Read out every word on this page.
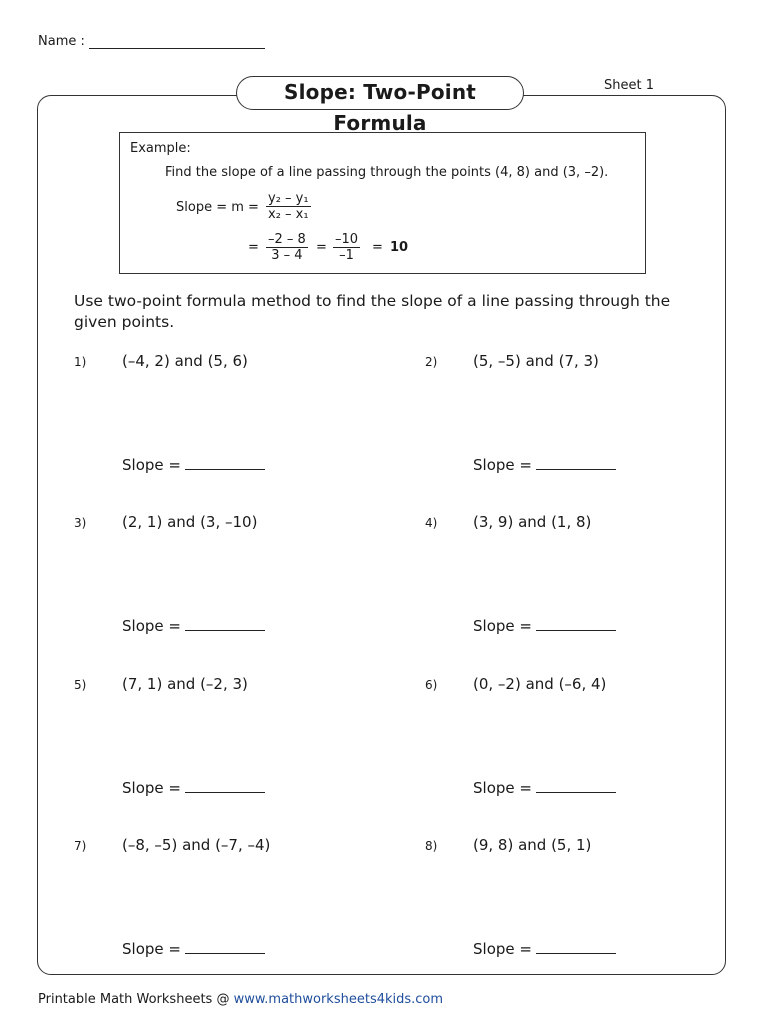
Name :
Sheet 1
Slope: Two-Point Formula
Example:
Find the slope of a line passing through the points (4, 8) and (3, –2).
Slope = $m = \frac{\text{y₂ – y₁}}{\text{x₂ – x₁}}$
= $\frac{-2 - 8}{3 - 4} = \frac{-10}{-1} = 10$
Use two-point formula method to find the slope of a line passing through the given points.
1) (–4, 2) and (5, 6)
Slope =
2) (5, –5) and (7, 3)
Slope =
3) (2, 1) and (3, –10)
Slope =
4) (3, 9) and (1, 8)
Slope =
5) (7, 1) and (–2, 3)
Slope =
6) (0, –2) and (–6, 4)
Slope =
7) (–8, –5) and (–7, –4)
Slope =
8) (9, 8) and (5, 1)
Slope =
Printable Math Worksheets @ www.mathworksheets4kids.com
